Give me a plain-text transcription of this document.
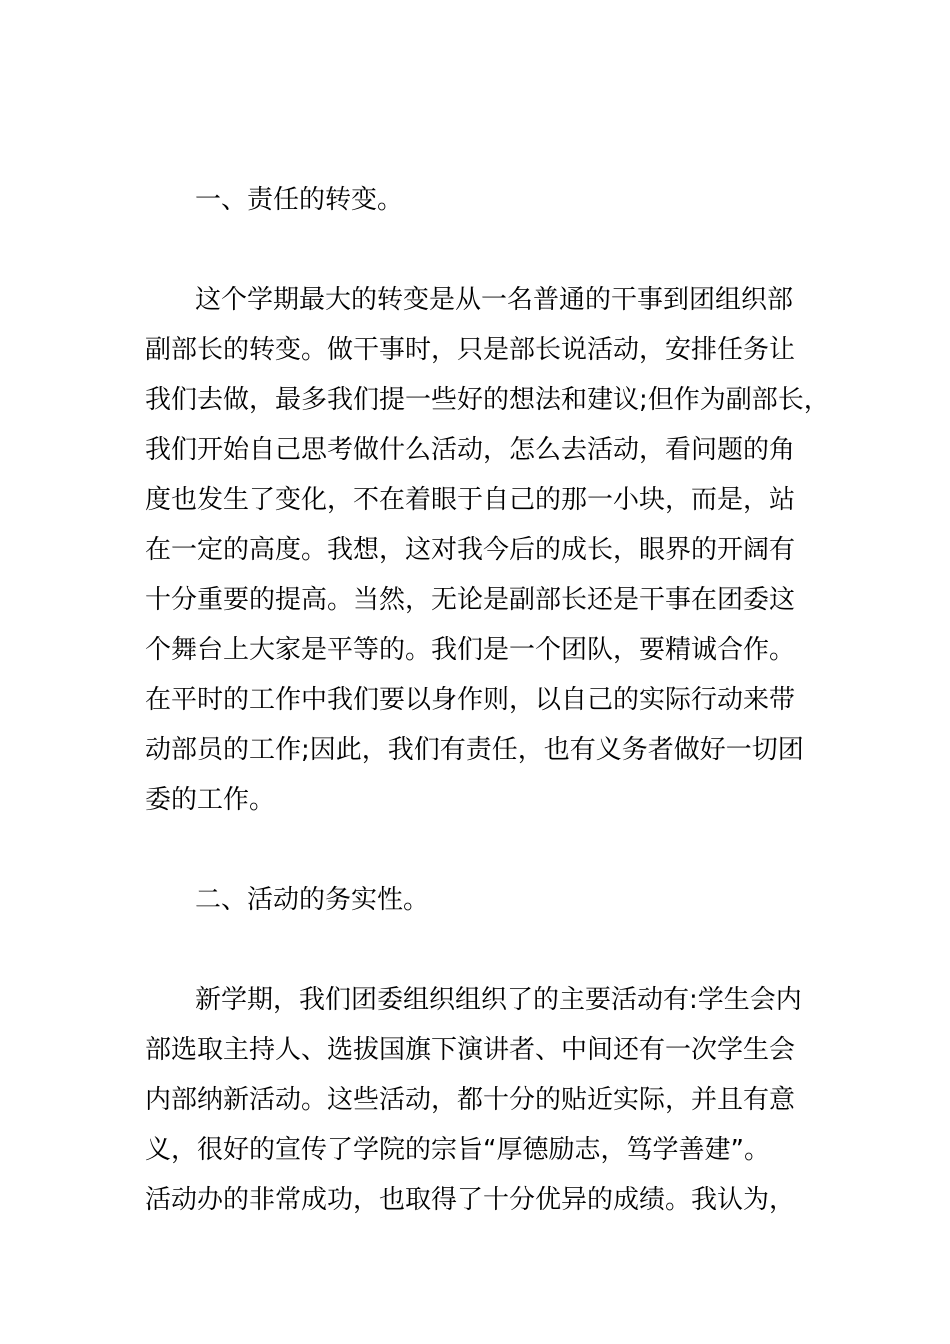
一、责任的转变。
这个学期最大的转变是从一名普通的干事到团组织部
副部长的转变。做干事时，只是部长说活动，安排任务让
我们去做，最多我们提一些好的想法和建议;但作为副部长，
我们开始自己思考做什么活动，怎么去活动，看问题的角
度也发生了变化，不在着眼于自己的那一小块，而是，站
在一定的高度。我想，这对我今后的成长，眼界的开阔有
十分重要的提高。当然，无论是副部长还是干事在团委这
个舞台上大家是平等的。我们是一个团队，要精诚合作。
在平时的工作中我们要以身作则，以自己的实际行动来带
动部员的工作;因此，我们有责任，也有义务者做好一切团
委的工作。
二、活动的务实性。
新学期，我们团委组织组织了的主要活动有:学生会内
部选取主持人、选拔国旗下演讲者、中间还有一次学生会
内部纳新活动。这些活动，都十分的贴近实际，并且有意
义，很好的宣传了学院的宗旨“厚德励志，笃学善建”。
活动办的非常成功，也取得了十分优异的成绩。我认为，
